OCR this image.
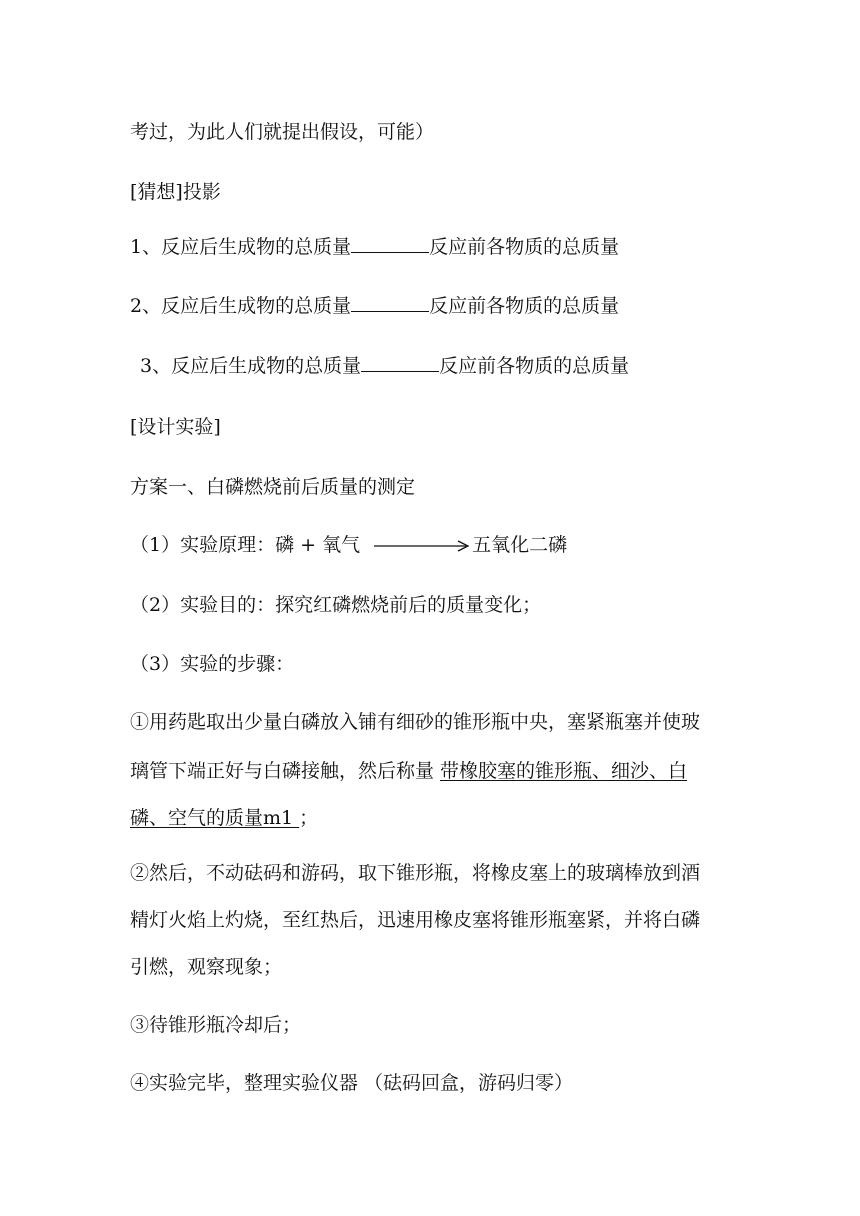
考过，为此人们就提出假设，可能）
[猜想]投影
1、反应后生成物的总质量	反应前各物质的总质量
2、反应后生成物的总质量	反应前各物质的总质量
3、反应后生成物的总质量	反应前各物质的总质量
[设计实验]
方案一、白磷燃烧前后质量的测定
（1）实验原理：磷 + 氧气	五氧化二磷
（2）实验目的：探究红磷燃烧前后的质量变化；
（3）实验的步骤：
①用药匙取出少量白磷放入铺有细砂的锥形瓶中央，塞紧瓶塞并使玻
璃管下端正好与白磷接触，然后称量 带橡胶塞的锥形瓶、细沙、白
磷、空气的质量m1 ；
②然后，不动砝码和游码，取下锥形瓶，将橡皮塞上的玻璃棒放到酒
精灯火焰上灼烧，至红热后，迅速用橡皮塞将锥形瓶塞紧，并将白磷
引燃，观察现象；
③待锥形瓶冷却后；
④实验完毕，整理实验仪器 （砝码回盒，游码归零）
